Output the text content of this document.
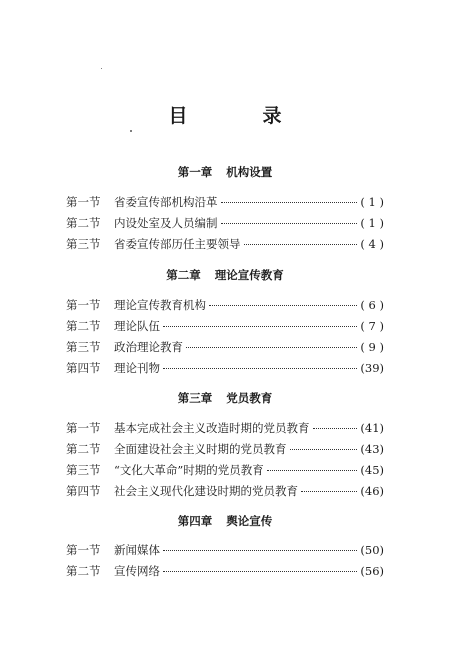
目　录
第一章 机构设置
第一节	省委宣传部机构沿革	( 1 )
第二节	内设处室及人员编制	( 1 )
第三节	省委宣传部历任主要领导	( 4 )
第二章 理论宣传教育
第一节	理论宣传教育机构	( 6 )
第二节	理论队伍	( 7 )
第三节	政治理论教育	( 9 )
第四节	理论刊物	(39)
第三章 党员教育
第一节	基本完成社会主义改造时期的党员教育	(41)
第二节	全面建设社会主义时期的党员教育	(43)
第三节	“文化大革命”时期的党员教育	(45)
第四节	社会主义现代化建设时期的党员教育	(46)
第四章 舆论宣传
第一节	新闻媒体	(50)
第二节	宣传网络	(56)
